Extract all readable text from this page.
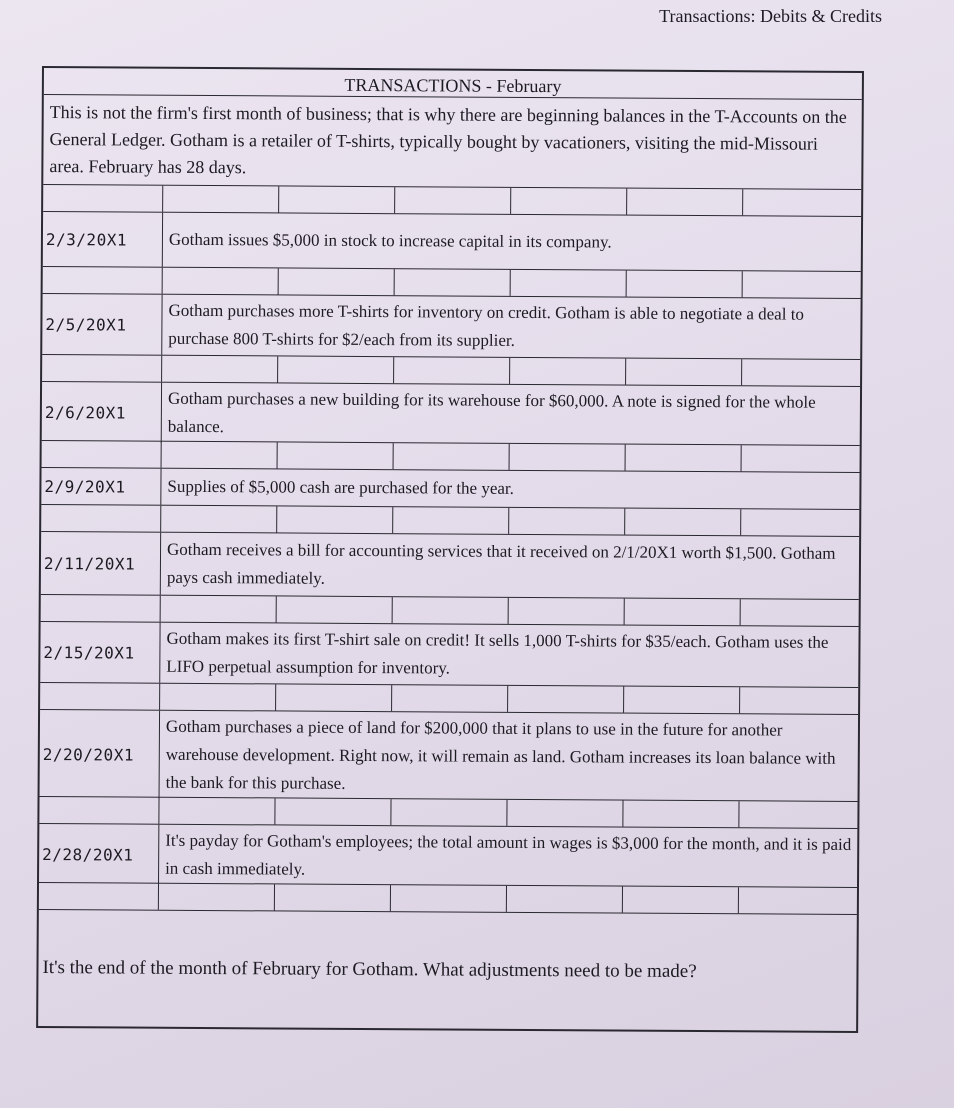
Transactions: Debits & Credits
TRANSACTIONS - February
This is not the firm's first month of business; that is why there are beginning balances in the T-Accounts on the General Ledger. Gotham is a retailer of T-shirts, typically bought by vacationers, visiting the mid-Missouri area. February has 28 days.
2/3/20X1	Gotham issues $5,000 in stock to increase capital in its company.
2/5/20X1
Gotham purchases more T-shirts for inventory on credit. Gotham is able to negotiate a deal to purchase 800 T-shirts for $2/each from its supplier.
2/6/20X1
Gotham purchases a new building for its warehouse for $60,000. A note is signed for the whole balance.
2/9/20X1	Supplies of $5,000 cash are purchased for the year.
2/11/20X1
Gotham receives a bill for accounting services that it received on 2/1/20X1 worth $1,500. Gotham pays cash immediately.
2/15/20X1
Gotham makes its first T-shirt sale on credit! It sells 1,000 T-shirts for $35/each. Gotham uses the LIFO perpetual assumption for inventory.
2/20/20X1
Gotham purchases a piece of land for $200,000 that it plans to use in the future for another warehouse development. Right now, it will remain as land. Gotham increases its loan balance with the bank for this purchase.
2/28/20X1
It's payday for Gotham's employees; the total amount in wages is $3,000 for the month, and it is paid in cash immediately.
It's the end of the month of February for Gotham. What adjustments need to be made?
